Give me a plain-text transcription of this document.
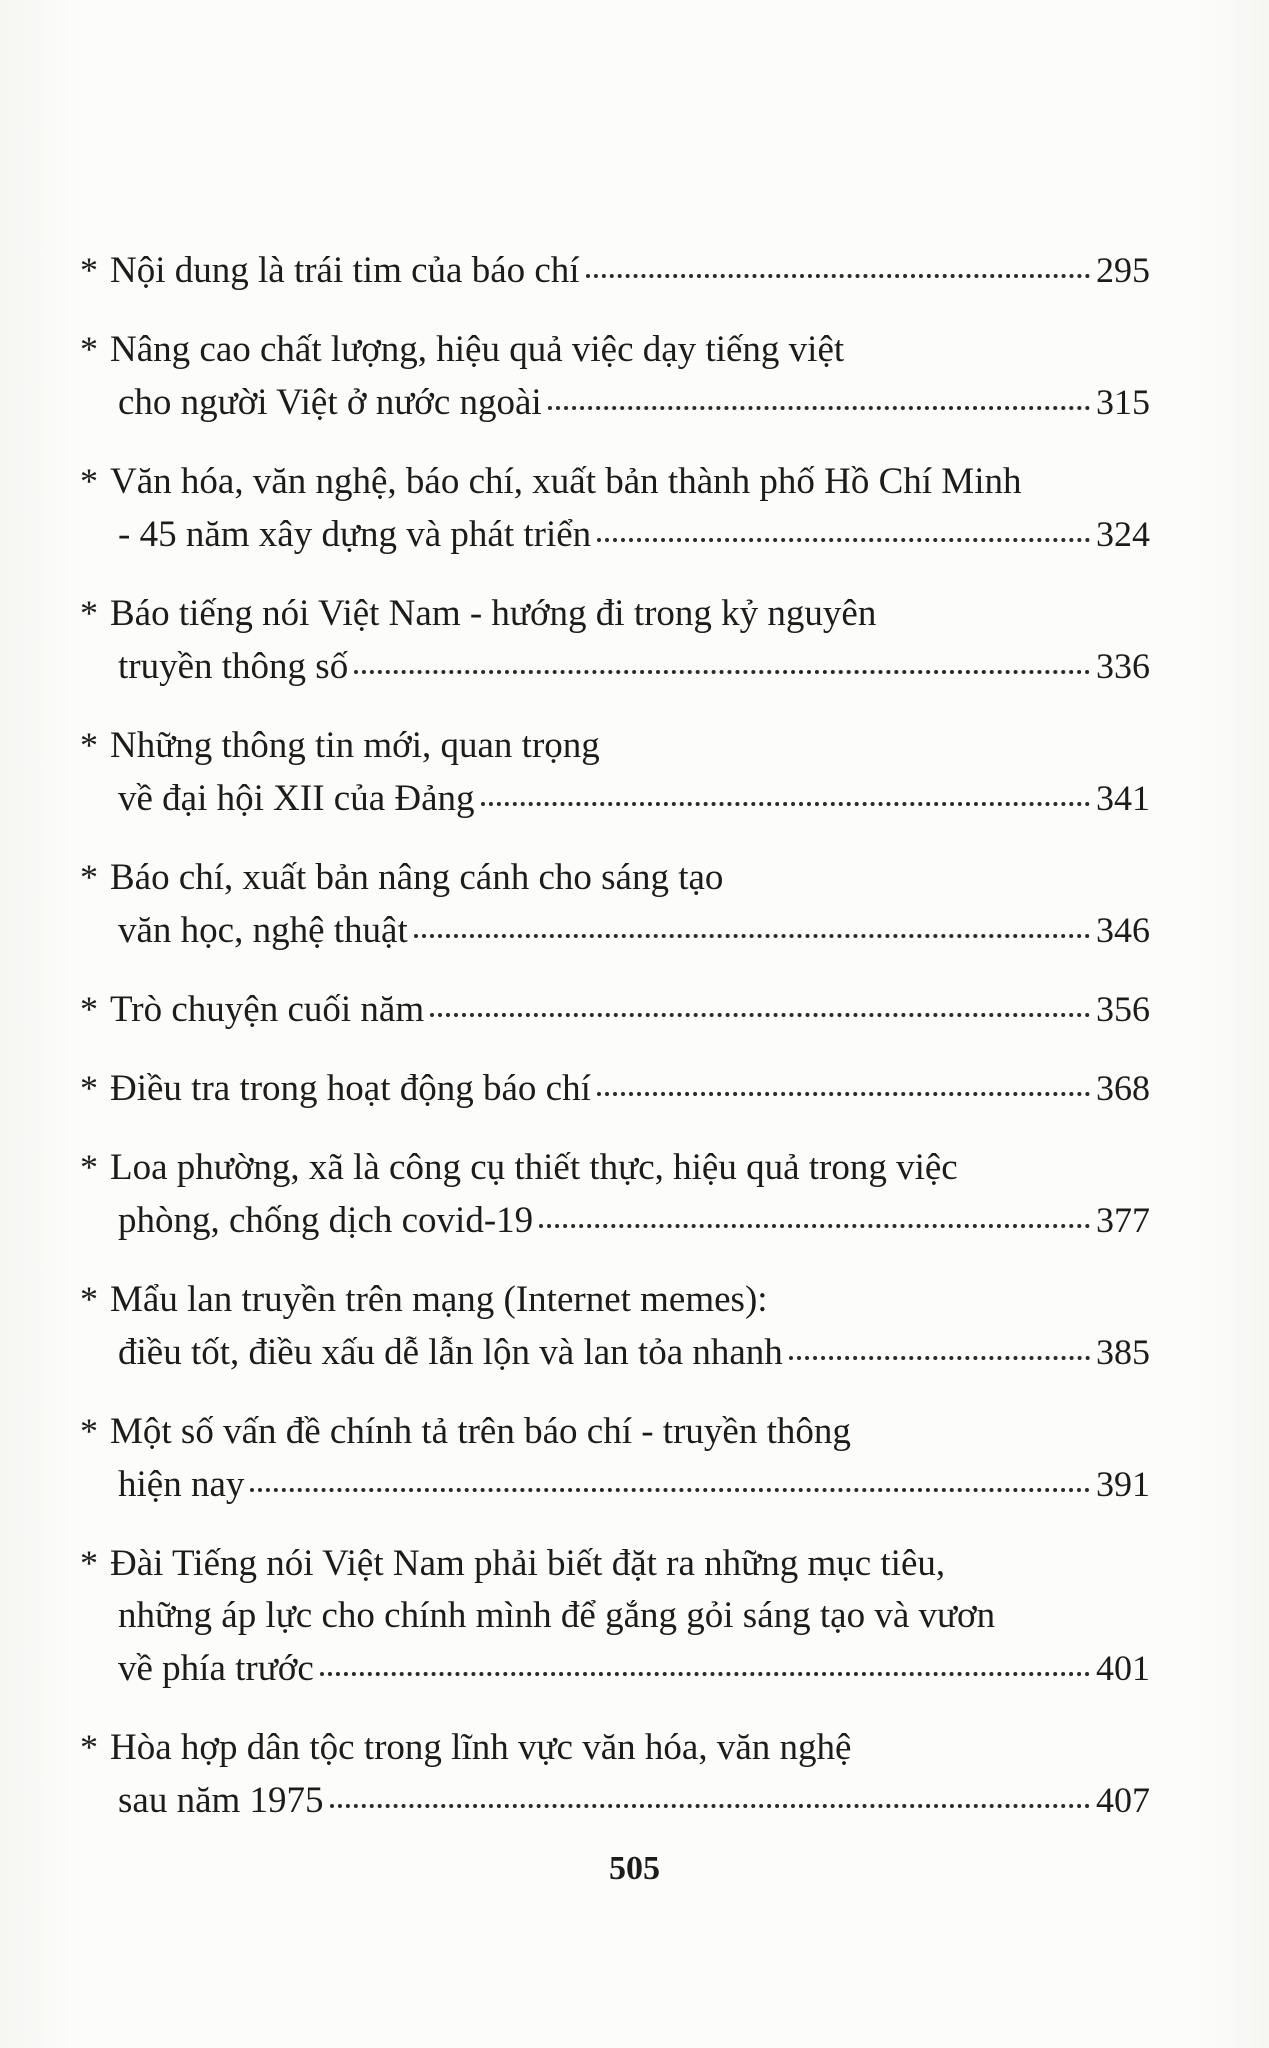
* Nội dung là trái tim của báo chí	295
* Nâng cao chất lượng, hiệu quả việc dạy tiếng việt
cho người Việt ở nước ngoài	315
* Văn hóa, văn nghệ, báo chí, xuất bản thành phố Hồ Chí Minh
- 45 năm xây dựng và phát triển	324
* Báo tiếng nói Việt Nam - hướng đi trong kỷ nguyên
truyền thông số	336
* Những thông tin mới, quan trọng
về đại hội XII của Đảng	341
* Báo chí, xuất bản nâng cánh cho sáng tạo
văn học, nghệ thuật	346
* Trò chuyện cuối năm	356
* Điều tra trong hoạt động báo chí	368
* Loa phường, xã là công cụ thiết thực, hiệu quả trong việc
phòng, chống dịch covid-19	377
* Mẩu lan truyền trên mạng (Internet memes):
điều tốt, điều xấu dễ lẫn lộn và lan tỏa nhanh	385
* Một số vấn đề chính tả trên báo chí - truyền thông
hiện nay	391
* Đài Tiếng nói Việt Nam phải biết đặt ra những mục tiêu,
những áp lực cho chính mình để gắng gỏi sáng tạo và vươn
về phía trước	401
* Hòa hợp dân tộc trong lĩnh vực văn hóa, văn nghệ
sau năm 1975	407
505
